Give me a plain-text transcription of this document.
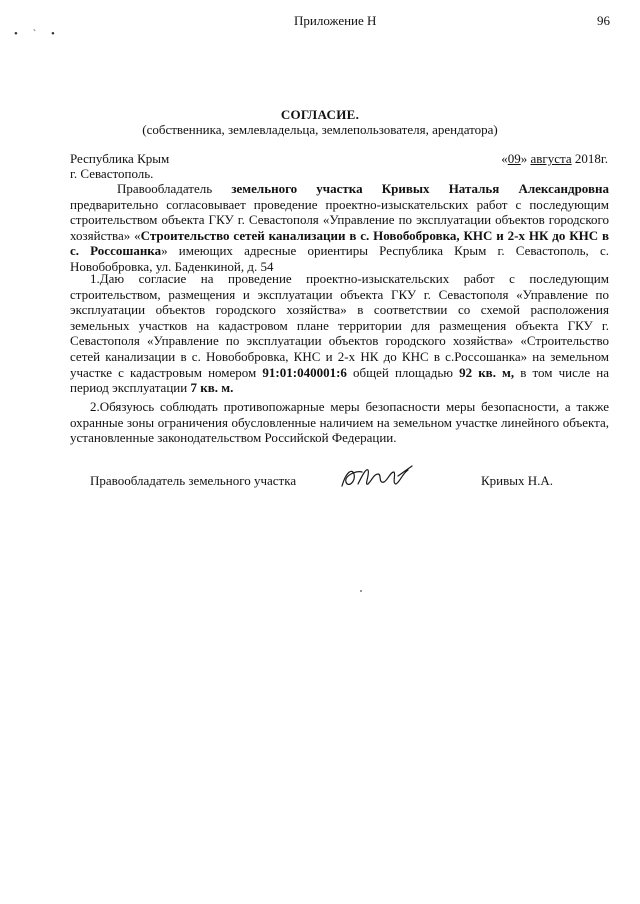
Приложение Н	96
• ` •
СОГЛАСИЕ.
(собственника, землевладельца, землепользователя, арендатора)
Республика Крым
г. Севастополь.
«09» августа 2018г.
Правообладатель земельного участка Кривых Наталья Александровна предварительно согласовывает проведение проектно-изыскательских работ с последующим строительством объекта ГКУ г. Севастополя «Управление по эксплуатации объектов городского хозяйства» «Строительство сетей канализации в с. Новобобровка, КНС и 2-х НК до КНС в с. Россошанка» имеющих адресные ориентиры Республика Крым г. Севастополь, с. Новобобровка, ул. Баденкиной, д. 54
1.Даю согласие на проведение проектно-изыскательских работ с последующим строительством, размещения и эксплуатации объекта ГКУ г. Севастополя «Управление по эксплуатации объектов городского хозяйства» в соответствии со схемой расположения земельных участков на кадастровом плане территории для размещения объекта ГКУ г. Севастополя «Управление по эксплуатации объектов городского хозяйства» «Строительство сетей канализации в с. Новобобровка, КНС и 2-х НК до КНС в с.Россошанка» на земельном участке с кадастровым номером 91:01:040001:6 общей площадью 92 кв. м, в том числе на период эксплуатации 7 кв. м.
2.Обязуюсь соблюдать противопожарные меры безопасности меры безопасности, а также охранные зоны ограничения обусловленные наличием на земельном участке линейного объекта, установленные законодательством Российской Федерации.
Правообладатель земельного участка	Кривых Н.А.
